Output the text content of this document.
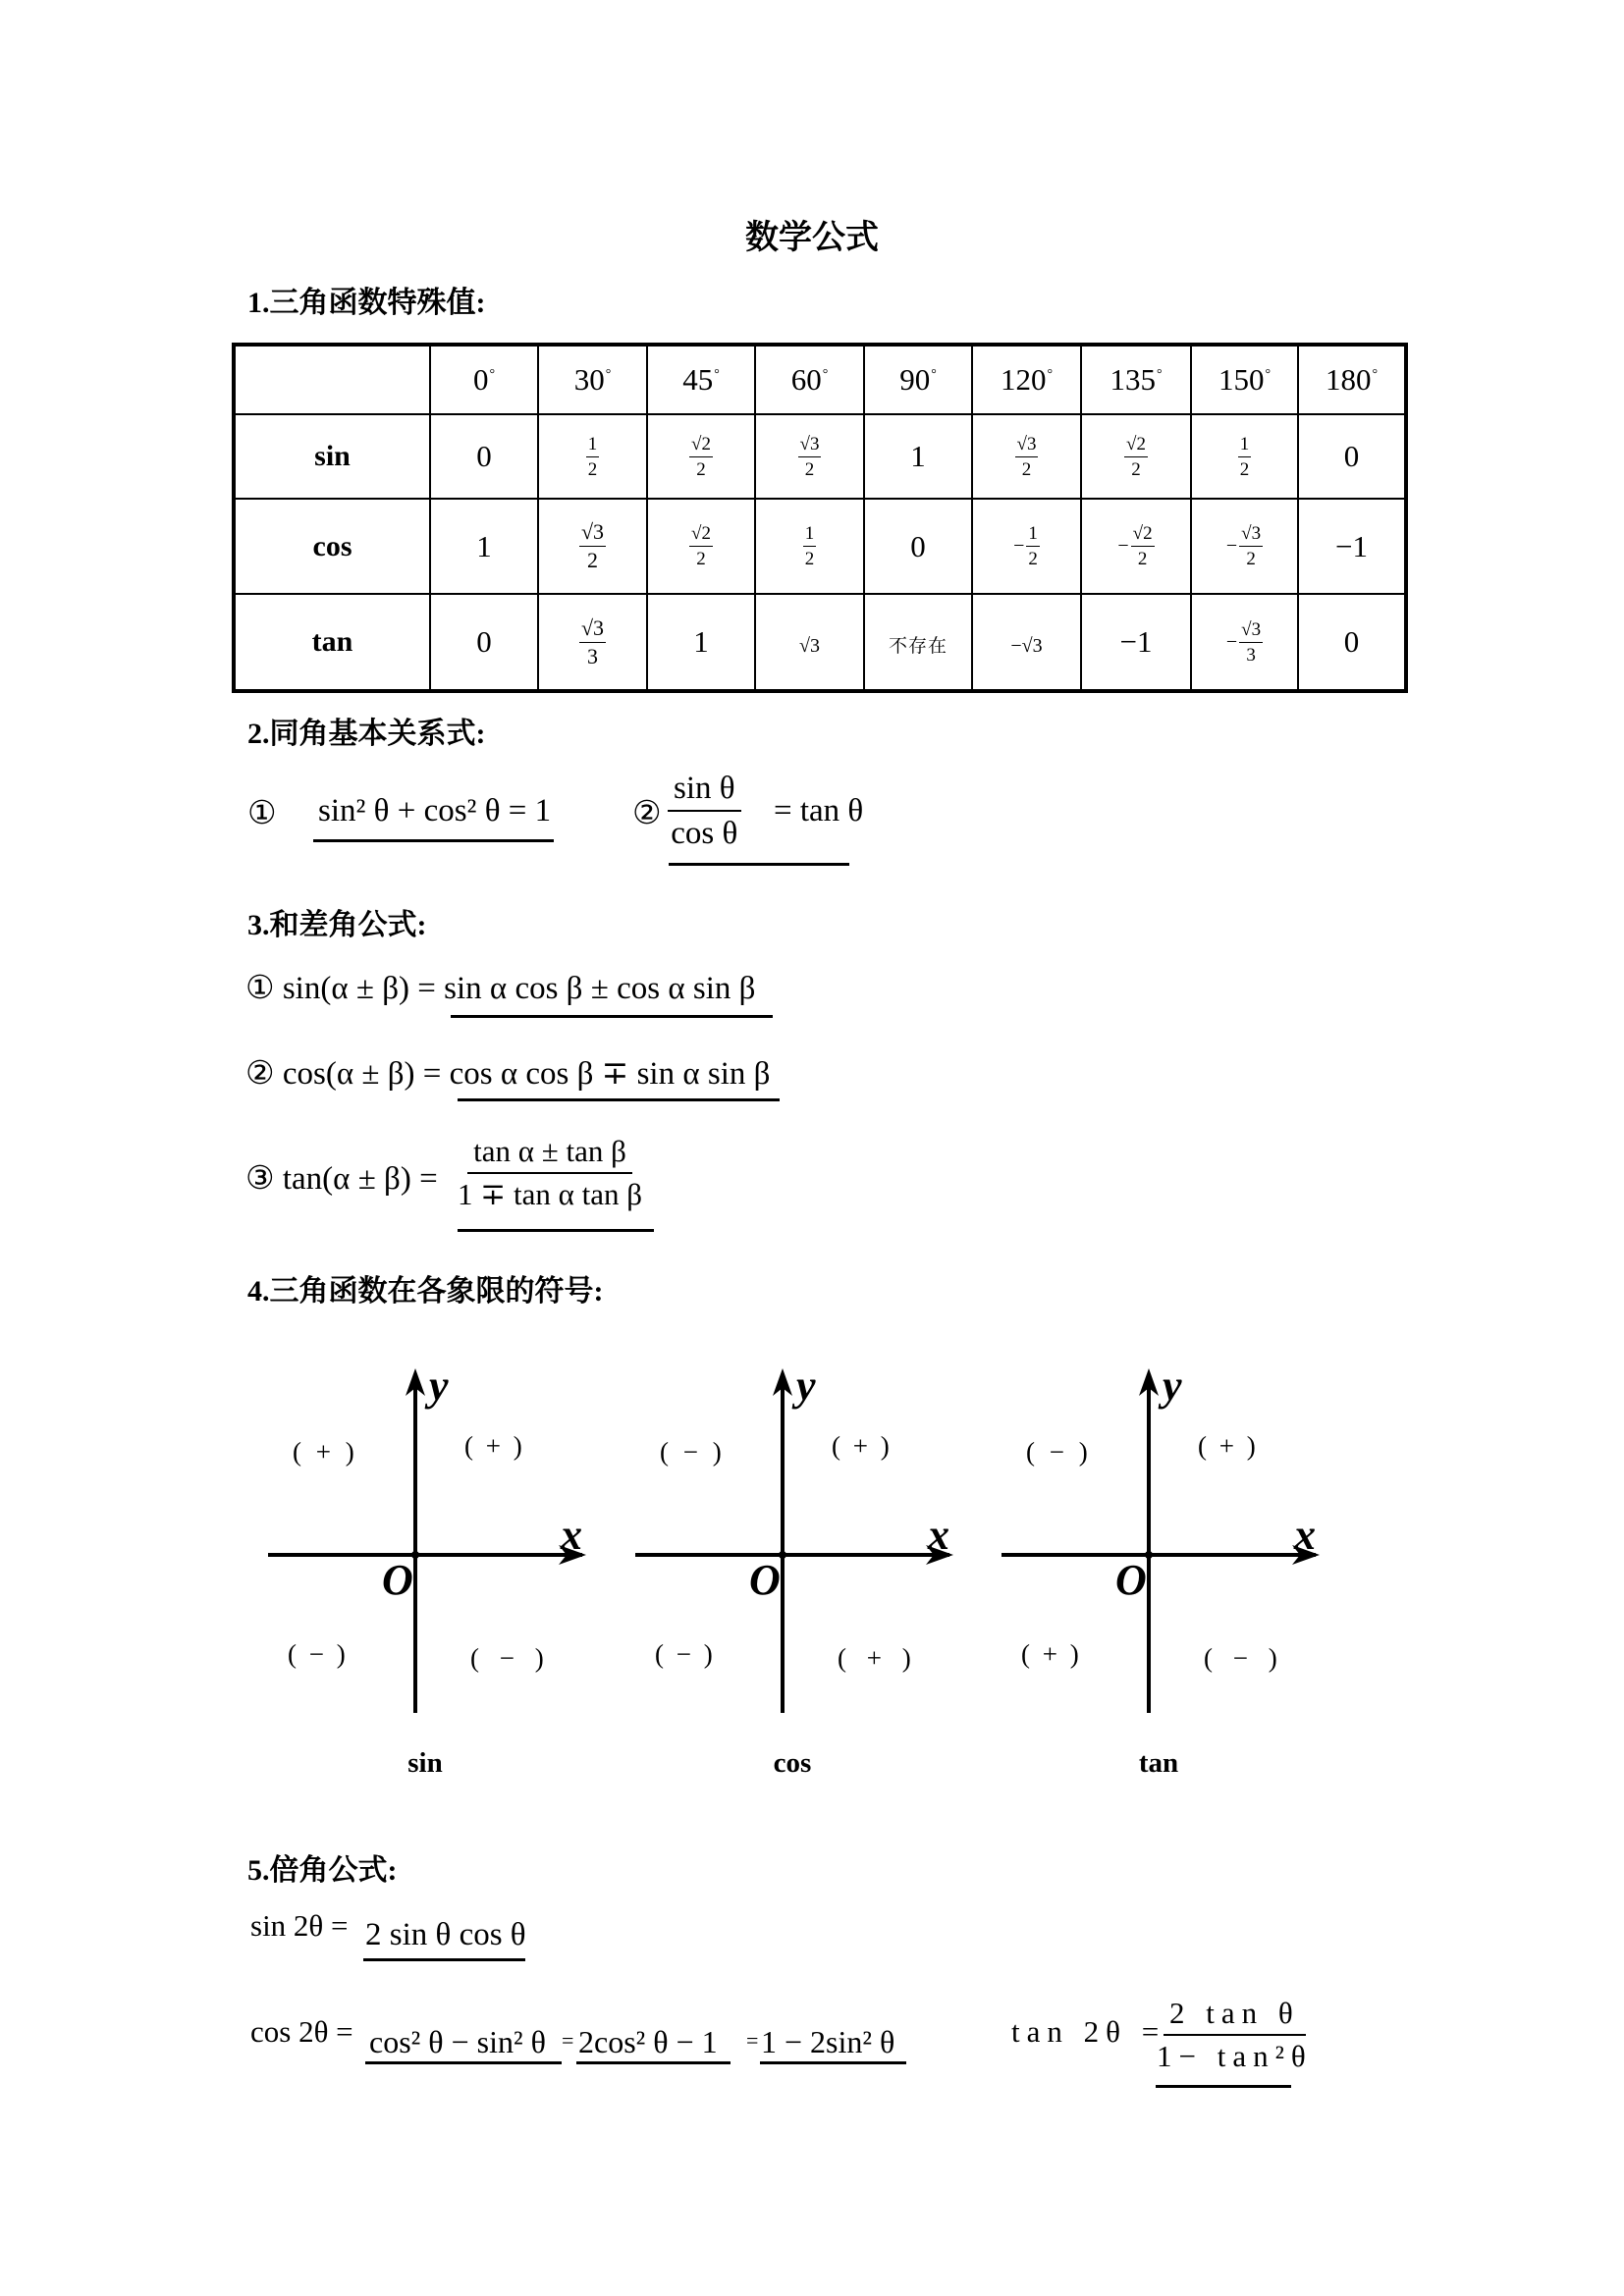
数学公式
1.三角函数特殊值:
	0°	30°	45°	60°	90°	120°	135°	150°	180°
sin	0	$\frac{1}{2}$	$\frac{√2}{2}$	$\frac{√3}{2}$	1	$\frac{√3}{2}$	$\frac{√2}{2}$	$\frac{1}{2}$	0
cos	1	$\frac{√3}{2}$	$\frac{√2}{2}$	$\frac{1}{2}$	0	− $\frac{1}{2}$	− $\frac{√2}{2}$	− $\frac{√3}{2}$	−1
tan	0	$\frac{√3}{3}$	1	√3	不存在	−√3	−1	− $\frac{√3}{3}$	0
2.同角基本关系式:
① sin² θ + cos² θ = 1	② $\frac{\text{sin θ}}{\text{cos θ}} = \tan \theta$
3.和差角公式:
① sin(α ± β) = sin α cos β ± cos α sin β
② cos(α ± β) = cos α cos β ∓ sin α sin β
③ $\tan(\alpha \pm \beta) = \frac{\text{tan α ± tan β}}{\text{1 ∓ tan α tan β}}$
4.三角函数在各象限的符号:
y
x
O
( + )	( + )
( − )	( − )
sin
y
x
O
( − )	( + )
( − )	( + )
cos
y
x
O
( − )	( + )
( + )	( − )
tan
5.倍角公式:
sin 2θ = 2 sin θ cos θ
cos 2θ = cos² θ − sin² θ = 2cos² θ − 1 = 1 − 2sin² θ	tan 2θ =
$\frac{\text{2 tan θ}}{\text{1− tan²θ}}$
